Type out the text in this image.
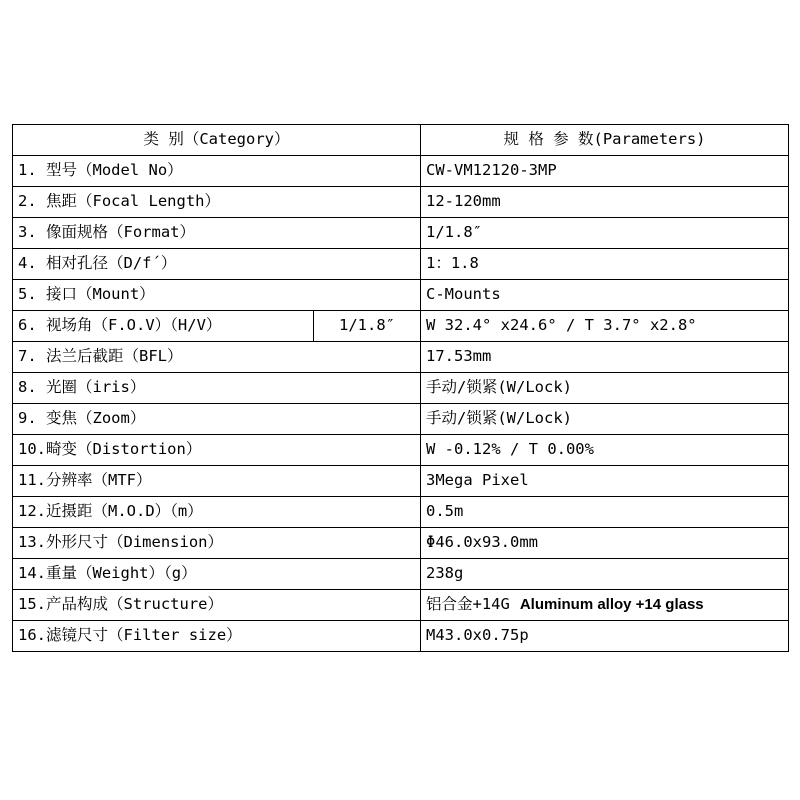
类 别（Category）		规 格 参 数(Parameters)
1. 型号（Model No）		CW-VM12120-3MP
2. 焦距（Focal Length）		12-120mm
3. 像面规格（Format）		1/1.8″
4. 相对孔径（D/f´）		1：1.8
5. 接口（Mount）		C-Mounts
6. 视场角（F.O.V）（H/V）	1/1.8″	W 32.4° x24.6° / T 3.7° x2.8°
7. 法兰后截距（BFL）		17.53mm
8. 光圈（iris）		手动/锁紧(W/Lock)
9. 变焦（Zoom）		手动/锁紧(W/Lock)
10.畸变（Distortion）		W -0.12% / T 0.00%
11.分辨率（MTF）		3Mega Pixel
12.近摄距（M.O.D）（m）		0.5m
13.外形尺寸（Dimension）		Φ46.0x93.0mm
14.重量（Weight）（g）		238g
15.产品构成（Structure）		铝合金+14G Aluminum alloy +14 glass
16.滤镜尺寸（Filter size）		M43.0x0.75p
